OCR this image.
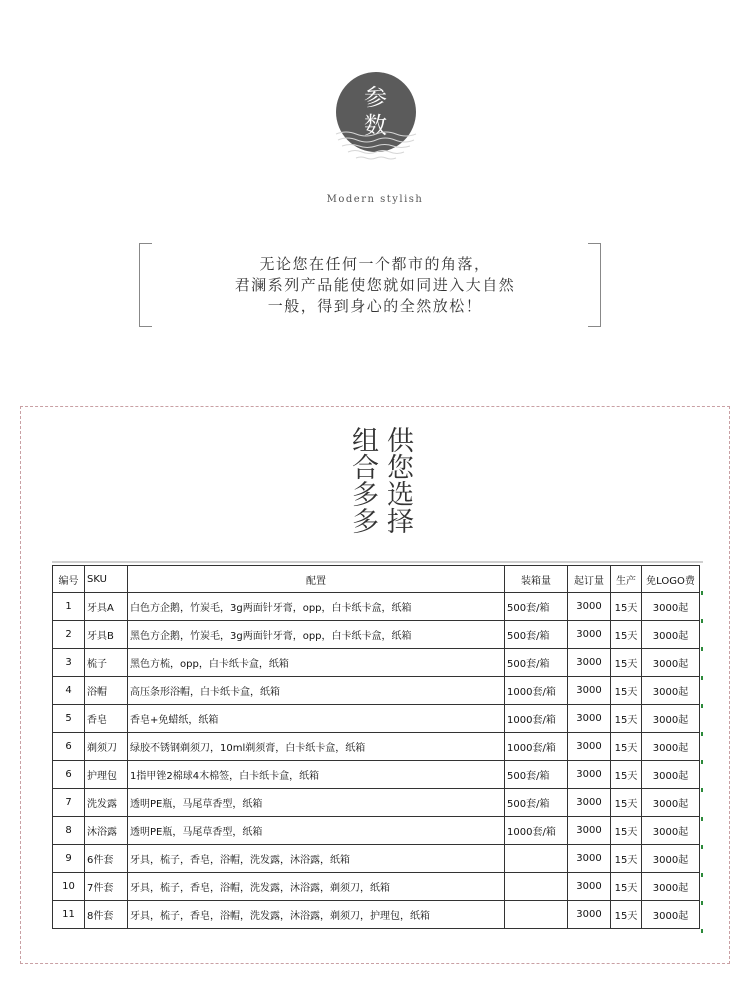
参
数
Modern stylish
无论您在任何一个都市的角落，
君澜系列产品能使您就如同进入大自然
一般，得到身心的全然放松！
供您选择
组合多多
编号	SKU	配置	装箱量	起订量	生产	免LOGO费
1	牙具A	白色方企鹅，竹炭毛，3g两面针牙膏，opp，白卡纸卡盒，纸箱	500套/箱	3000	15天	3000起
2	牙具B	黑色方企鹅，竹炭毛，3g两面针牙膏，opp，白卡纸卡盒，纸箱	500套/箱	3000	15天	3000起
3	梳子	黑色方梳，opp，白卡纸卡盒，纸箱	500套/箱	3000	15天	3000起
4	浴帽	高压条形浴帽，白卡纸卡盒，纸箱	1000套/箱	3000	15天	3000起
5	香皂	香皂+免蜡纸，纸箱	1000套/箱	3000	15天	3000起
6	剃须刀	绿胶不锈钢剃须刀，10ml剃须膏，白卡纸卡盒，纸箱	1000套/箱	3000	15天	3000起
6	护理包	1指甲锉2棉球4木棉签，白卡纸卡盒，纸箱	500套/箱	3000	15天	3000起
7	洗发露	透明PE瓶，马尾草香型，纸箱	500套/箱	3000	15天	3000起
8	沐浴露	透明PE瓶，马尾草香型，纸箱	1000套/箱	3000	15天	3000起
9	6件套	牙具，梳子，香皂，浴帽，洗发露，沐浴露，纸箱		3000	15天	3000起
10	7件套	牙具，梳子，香皂，浴帽，洗发露，沐浴露，剃须刀，纸箱		3000	15天	3000起
11	8件套	牙具，梳子，香皂，浴帽，洗发露，沐浴露，剃须刀，护理包，纸箱		3000	15天	3000起
